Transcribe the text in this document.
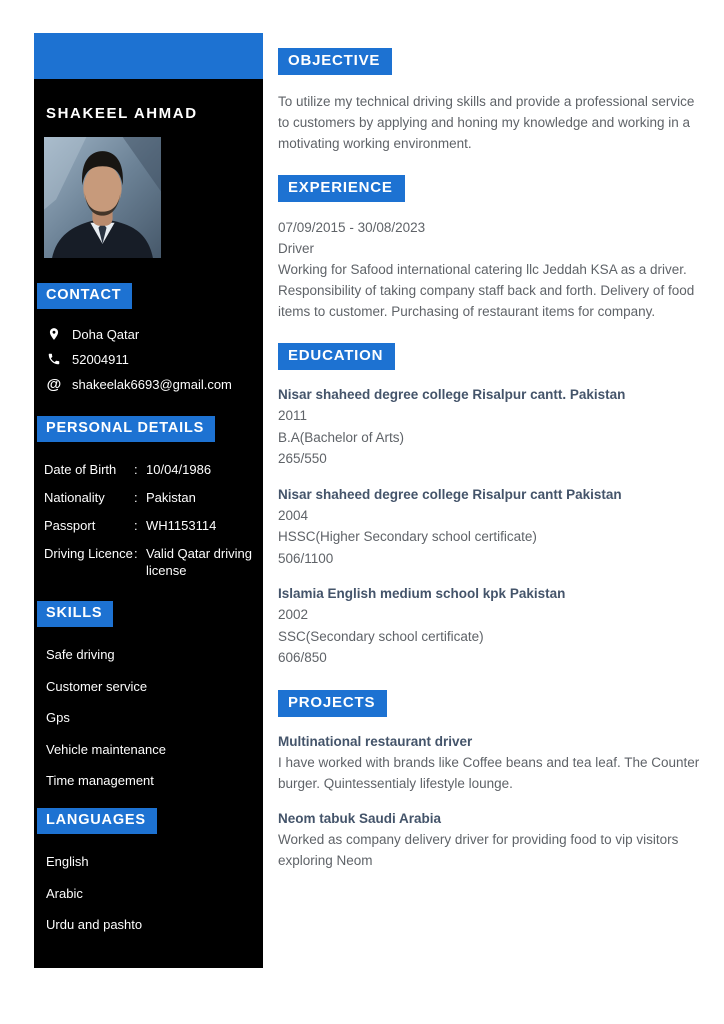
SHAKEEL AHMAD
CONTACT
Doha Qatar
52004911
@ shakeelak6693@gmail.com
PERSONAL DETAILS
Date of Birth	: 10/04/1986
Nationality	: Pakistan
Passport	: WH1153114
Driving Licence : Valid Qatar driving license
SKILLS
Safe driving
Customer service
Gps
Vehicle maintenance
Time management
LANGUAGES
English
Arabic
Urdu and pashto
OBJECTIVE

To utilize my technical driving skills and provide a professional service to customers by applying and honing my knowledge and working in a motivating working environment.

EXPERIENCE
07/09/2015 - 30/08/2023
Driver
Working for Safood international catering llc Jeddah KSA as a driver. Responsibility of taking company staff back and forth. Delivery of food items to customer. Purchasing of restaurant items for company.
EDUCATION
Nisar shaheed degree college Risalpur cantt. Pakistan
2011
B.A(Bachelor of Arts)
265/550
Nisar shaheed degree college Risalpur cantt Pakistan
2004
HSSC(Higher Secondary school certificate)
506/1100
Islamia English medium school kpk Pakistan
2002
SSC(Secondary school certificate)
606/850
PROJECTS
Multinational restaurant driver
I have worked with brands like Coffee beans and tea leaf. The Counter burger. Quintessentialy lifestyle lounge.
Neom tabuk Saudi Arabia
Worked as company delivery driver for providing food to vip visitors exploring Neom
